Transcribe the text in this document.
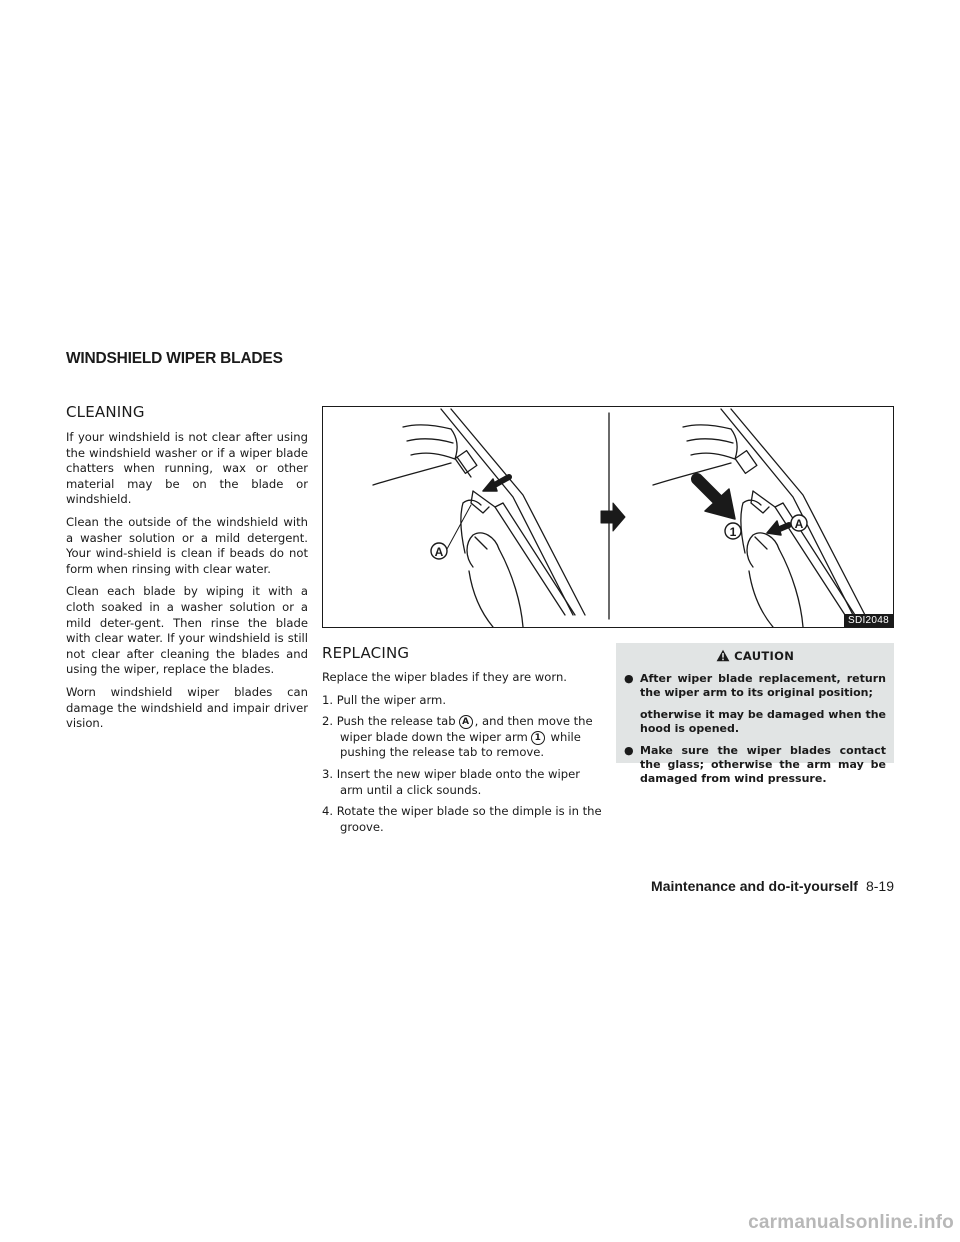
WINDSHIELD WIPER BLADES
CLEANING

If your windshield is not clear after using the windshield washer or if a wiper blade chatters when running, wax or other material may be on the blade or windshield.

Clean the outside of the windshield with a washer solution or a mild detergent. Your wind-shield is clean if beads do not form when rinsing with clear water.

Clean each blade by wiping it with a cloth soaked in a washer solution or a mild deter-gent. Then rinse the blade with clear water. If your windshield is still not clear after cleaning the blades and using the wiper, replace the blades.

Worn windshield wiper blades can damage the windshield and impair driver vision.

A
1
A
SDI2048
REPLACING

Replace the wiper blades if they are worn.

1. Pull the wiper arm.
2. Push the release tab A , and then move the wiper blade down the wiper arm 1 while pushing the release tab to remove.
3. Insert the new wiper blade onto the wiper arm until a click sounds.
4. Rotate the wiper blade so the dimple is in the groove.
CAUTION
● After wiper blade replacement, return the wiper arm to its original position;
otherwise it may be damaged when the hood is opened.
● Make sure the wiper blades contact the glass; otherwise the arm may be damaged from wind pressure.
Maintenance and do-it-yourself 8-19
carmanualsonline.info
